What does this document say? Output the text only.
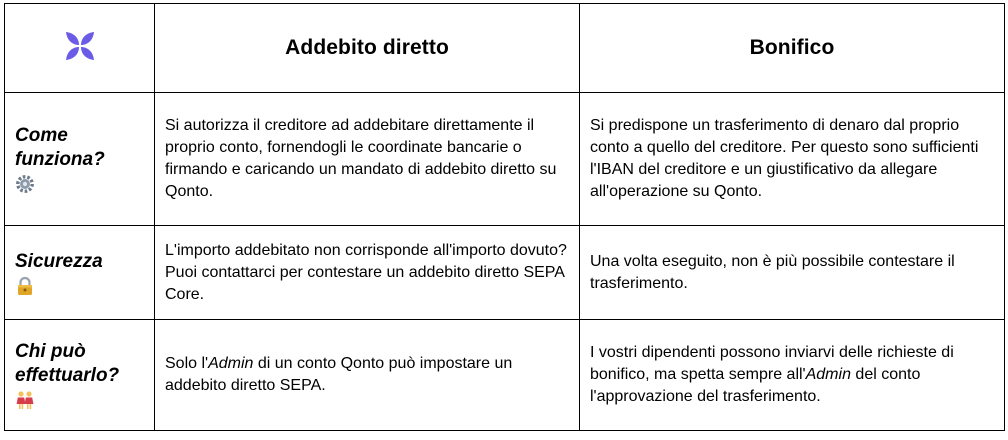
	Addebito diretto	Bonifico

Come
funziona?	Si autorizza il creditore ad addebitare direttamente il proprio conto, fornendogli le coordinate bancarie o firmando e caricando un mandato di addebito diretto su Qonto.	Si predispone un trasferimento di denaro dal proprio conto a quello del creditore. Per questo sono sufficienti l'IBAN del creditore e un giustificativo da allegare all'operazione su Qonto.

Sicurezza	L'importo addebitato non corrisponde all'importo dovuto? Puoi contattarci per contestare un addebito diretto SEPA Core.	Una volta eseguito, non è più possibile contestare il trasferimento.

Chi può
effettuarlo?	Solo l'Admin di un conto Qonto può impostare un addebito diretto SEPA.	I vostri dipendenti possono inviarvi delle richieste di bonifico, ma spetta sempre all'Admin del conto l'approvazione del trasferimento.
